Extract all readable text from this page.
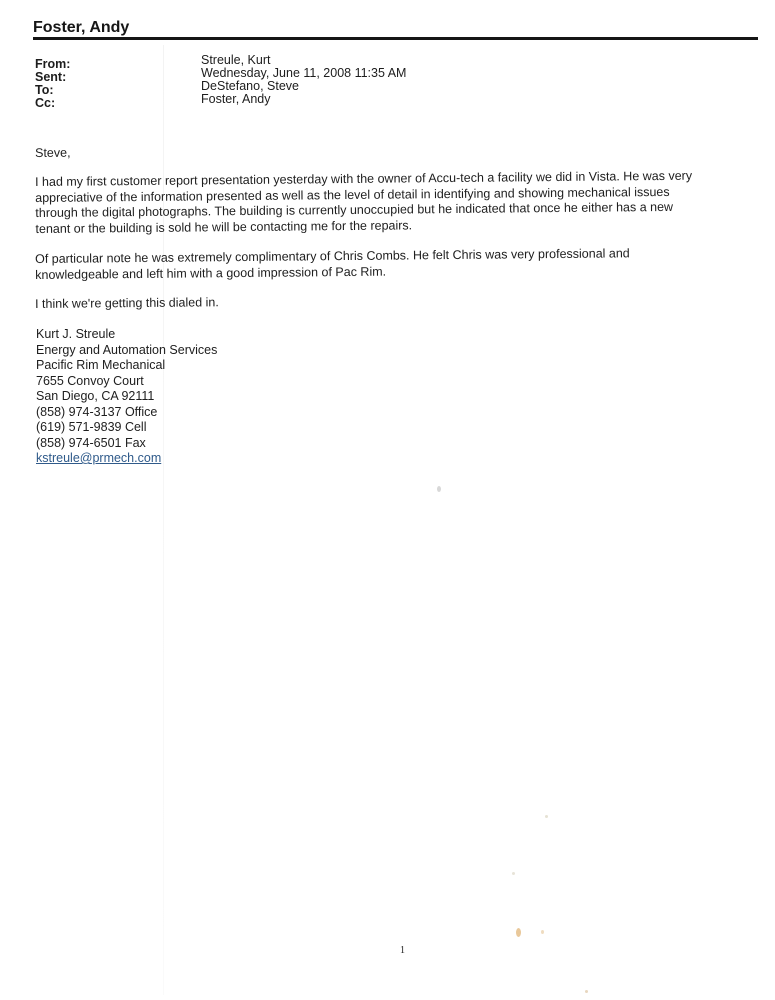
Foster, Andy
From:	Streule, Kurt
Sent:	Wednesday, June 11, 2008 11:35 AM
To:	DeStefano, Steve
Cc:	Foster, Andy
Steve,
I had my first customer report presentation yesterday with the owner of Accu-tech a facility we did in Vista. He was very
appreciative of the information presented as well as the level of detail in identifying and showing mechanical issues
through the digital photographs. The building is currently unoccupied but he indicated that once he either has a new
tenant or the building is sold he will be contacting me for the repairs.
Of particular note he was extremely complimentary of Chris Combs. He felt Chris was very professional and
knowledgeable and left him with a good impression of Pac Rim.
I think we're getting this dialed in.
Kurt J. Streule
Energy and Automation Services
Pacific Rim Mechanical
7655 Convoy Court
San Diego, CA 92111
(858) 974-3137 Office
(619) 571-9839 Cell
(858) 974-6501 Fax
kstreule@prmech.com
1
